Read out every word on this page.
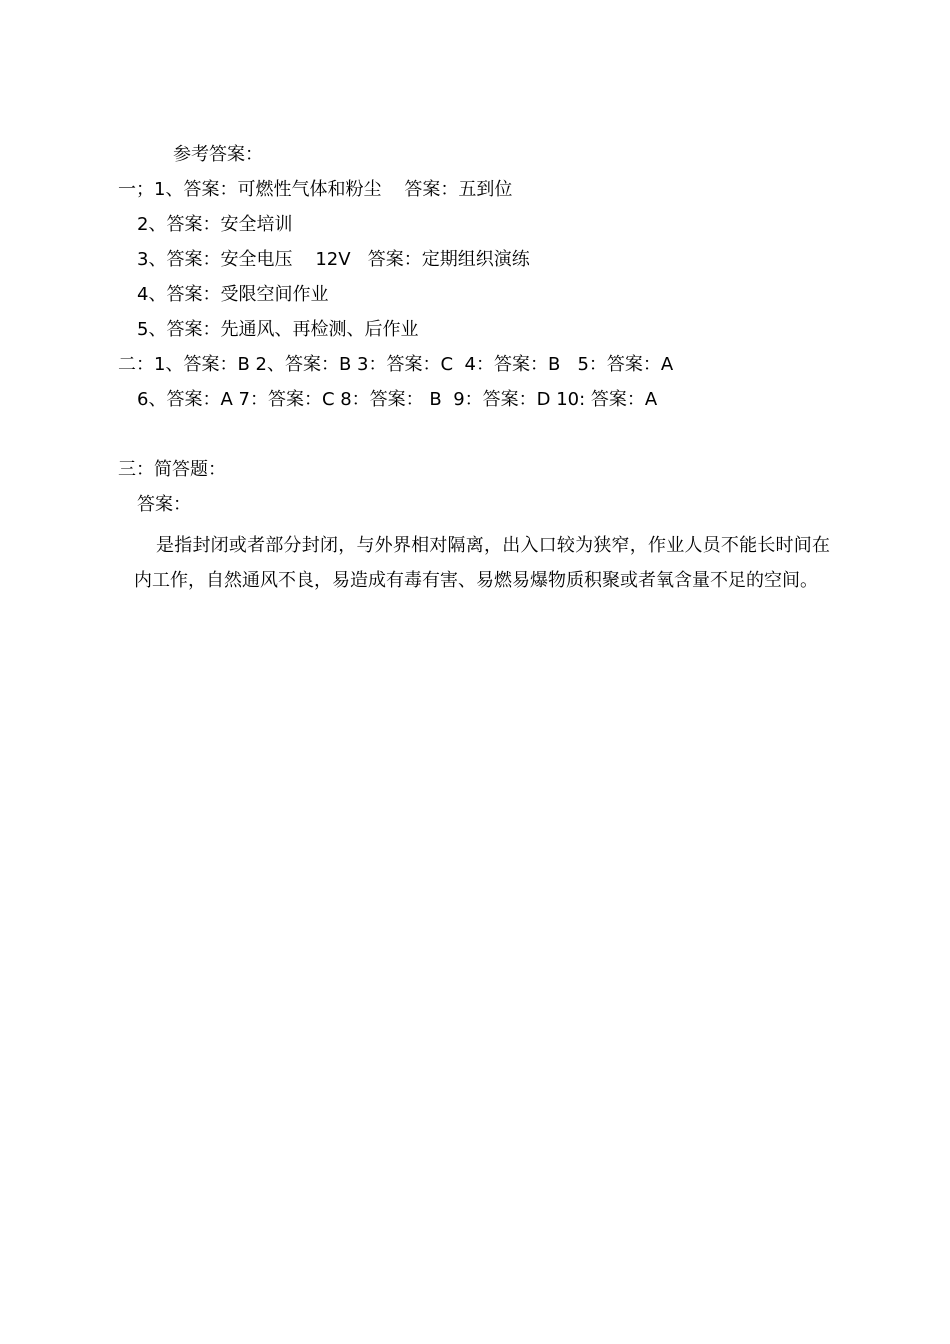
参考答案：

一；1、答案：可燃性气体和粉尘    答案：五到位

2、答案：安全培训

3、答案：安全电压    12V   答案：定期组织演练

4、答案：受限空间作业

5、答案：先通风、再检测、后作业

二：1、答案：B 2、答案：B 3：答案：C  4：答案：B   5：答案：A

6、答案：A 7：答案：C 8：答案： B  9：答案：D 10: 答案：A

三：简答题：

答案：

是指封闭或者部分封闭，与外界相对隔离，出入口较为狭窄，作业人员不能长时间在内工作，自然通风不良，易造成有毒有害、易燃易爆物质积聚或者氧含量不足的空间。
